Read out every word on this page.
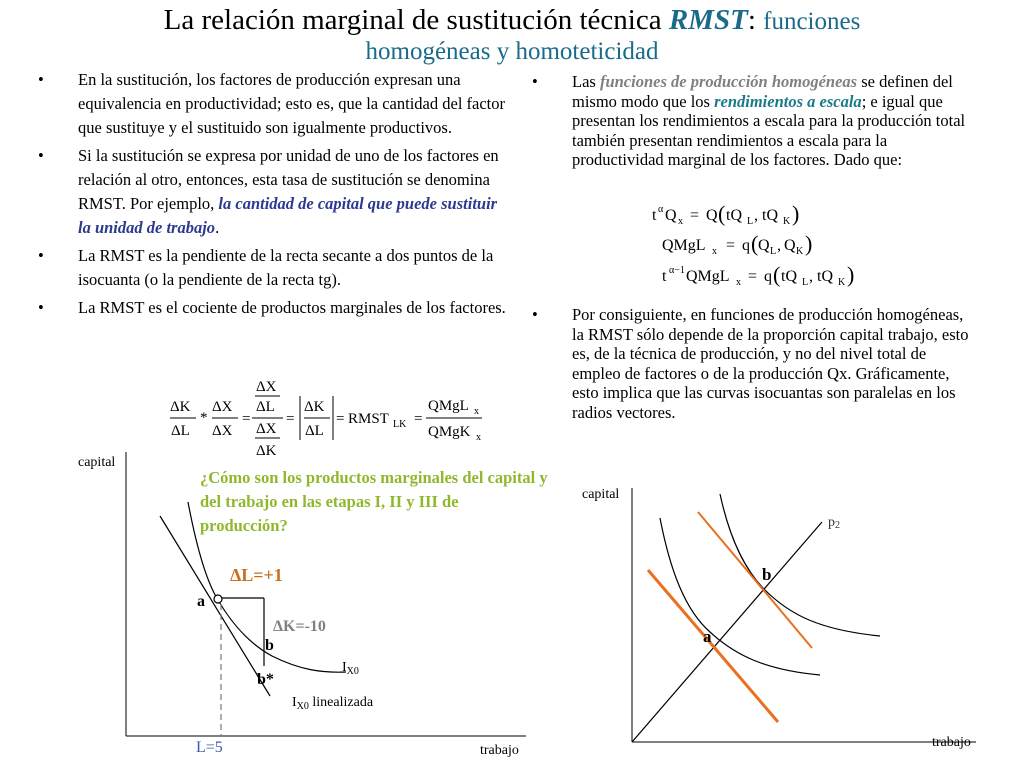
La relación marginal de sustitución técnica RMST: funciones
homogéneas y homoteticidad
• En la sustitución, los factores de producción expresan una equivalencia en productividad; esto es, que la cantidad del factor que sustituye y el sustituido son igualmente productivos.
• Si la sustitución se expresa por unidad de uno de los factores en relación al otro, entonces, esta tasa de sustitución se denomina RMST. Por ejemplo, la cantidad de capital que puede sustituir la unidad de trabajo.
• La RMST es la pendiente de la recta secante a dos puntos de la isocuanta (o la pendiente de la recta tg).
• La RMST es el cociente de productos marginales de los factores.
ΔK
ΔL
*
ΔX
ΔX
=
ΔX
ΔL
ΔX
ΔK
=
ΔK
ΔL
= RMST LK =
QMgL x
QMgK x
• Las funciones de producción homogéneas se definen del mismo modo que los rendimientos a escala; e igual que presentan los rendimientos a escala para la producción total también presentan rendimientos a escala para la productividad marginal de los factores. Dado que:
t α Q x = Q ( tQ L , tQ K )
QMgL x = q ( Q L , Q K )
t α−1 QMgL x = q ( tQ L , tQ K )
• Por consiguiente, en funciones de producción homogéneas, la RMST sólo depende de la proporción capital trabajo, esto es, de la técnica de producción, y no del nivel total de empleo de factores o de la producción Qx. Gráficamente, esto implica que las curvas isocuantas son paralelas en los radios vectores.
capital
trabajo
a
b
b*
ΔL=+1
ΔK=-10
$I_{X0}$
$I_{X0}$ linealizada
L=5
¿Cómo son los productos marginales del capital y del trabajo en las etapas I, II y III de producción?
capital
trabajo
p2
a
b
